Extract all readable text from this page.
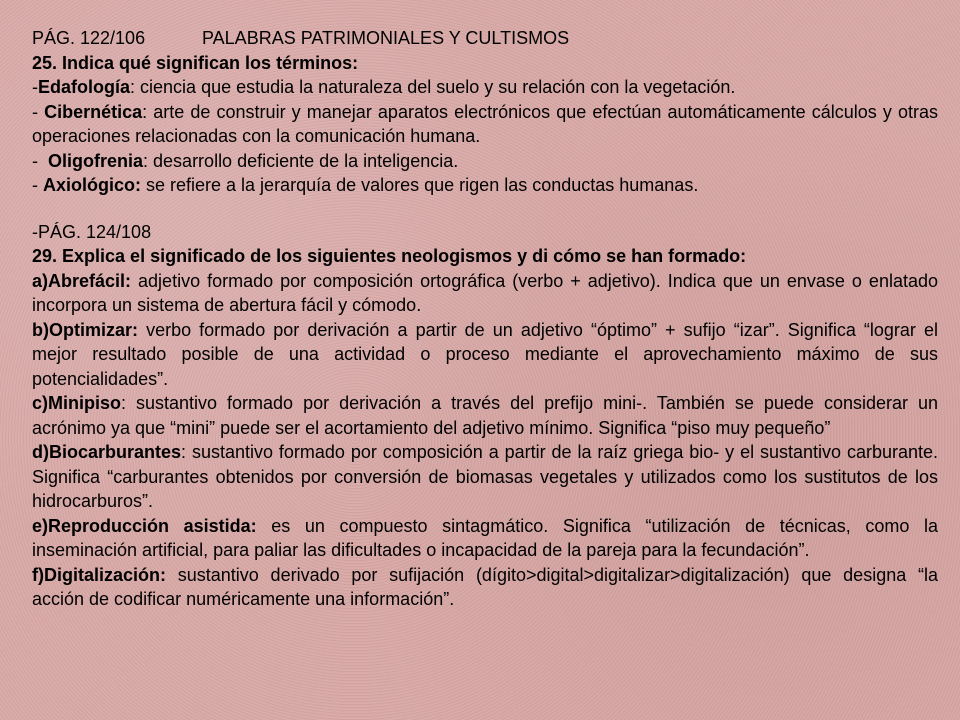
PÁG. 122/106	PALABRAS PATRIMONIALES Y CULTISMOS
25. Indica qué significan los términos:
-Edafología: ciencia que estudia la naturaleza del suelo y su relación con la vegetación.
- Cibernética: arte de construir y manejar aparatos electrónicos que efectúan automáticamente cálculos y otras operaciones relacionadas con la comunicación humana.
-  Oligofrenia: desarrollo deficiente de la inteligencia.
- Axiológico: se refiere a la jerarquía de valores que rigen las conductas humanas.
-PÁG. 124/108
29. Explica el significado de los siguientes neologismos y di cómo se han formado:
a)Abrefácil: adjetivo formado por composición ortográfica (verbo + adjetivo). Indica que un envase o enlatado incorpora un sistema de abertura fácil y cómodo.
b)Optimizar: verbo formado por derivación a partir de un adjetivo “óptimo” + sufijo “izar”. Significa “lograr el mejor resultado posible de una actividad o proceso mediante el aprovechamiento máximo de sus potencialidades”.
c)Minipiso: sustantivo formado por derivación a través del prefijo mini-. También se puede considerar un acrónimo ya que “mini” puede ser el acortamiento del adjetivo mínimo. Significa “piso muy pequeño”
d)Biocarburantes: sustantivo formado por composición a partir de la raíz griega bio- y el sustantivo carburante. Significa “carburantes obtenidos por conversión de biomasas vegetales y utilizados como los sustitutos de los hidrocarburos”.
e)Reproducción asistida: es un compuesto sintagmático. Significa “utilización de técnicas, como la inseminación artificial, para paliar las dificultades o incapacidad de la pareja para la fecundación”.
f)Digitalización: sustantivo derivado por sufijación (dígito>digital>digitalizar>digitalización) que designa “la acción de codificar numéricamente una información”.
